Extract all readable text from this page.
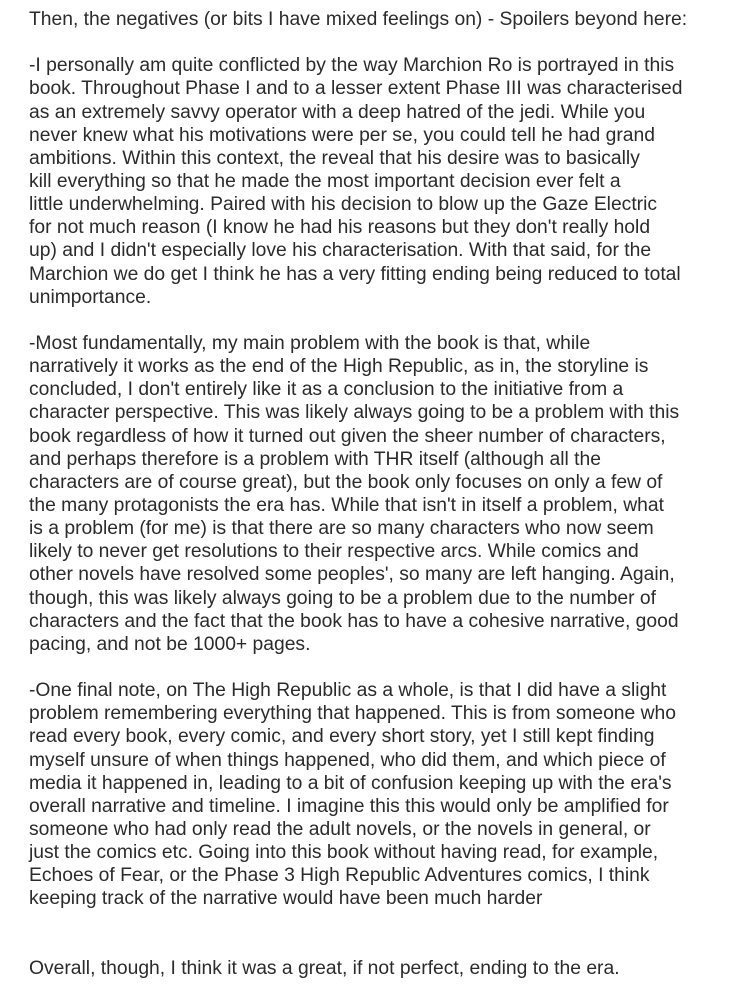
Then, the negatives (or bits I have mixed feelings on) - Spoilers beyond here:
-I personally am quite conflicted by the way Marchion Ro is portrayed in this
book. Throughout Phase I and to a lesser extent Phase III was characterised
as an extremely savvy operator with a deep hatred of the jedi. While you
never knew what his motivations were per se, you could tell he had grand
ambitions. Within this context, the reveal that his desire was to basically
kill everything so that he made the most important decision ever felt a
little underwhelming. Paired with his decision to blow up the Gaze Electric
for not much reason (I know he had his reasons but they don't really hold
up) and I didn't especially love his characterisation. With that said, for the
Marchion we do get I think he has a very fitting ending being reduced to total
unimportance.
-Most fundamentally, my main problem with the book is that, while
narratively it works as the end of the High Republic, as in, the storyline is
concluded, I don't entirely like it as a conclusion to the initiative from a
character perspective. This was likely always going to be a problem with this
book regardless of how it turned out given the sheer number of characters,
and perhaps therefore is a problem with THR itself (although all the
characters are of course great), but the book only focuses on only a few of
the many protagonists the era has. While that isn't in itself a problem, what
is a problem (for me) is that there are so many characters who now seem
likely to never get resolutions to their respective arcs. While comics and
other novels have resolved some peoples', so many are left hanging. Again,
though, this was likely always going to be a problem due to the number of
characters and the fact that the book has to have a cohesive narrative, good
pacing, and not be 1000+ pages.
-One final note, on The High Republic as a whole, is that I did have a slight
problem remembering everything that happened. This is from someone who
read every book, every comic, and every short story, yet I still kept finding
myself unsure of when things happened, who did them, and which piece of
media it happened in, leading to a bit of confusion keeping up with the era's
overall narrative and timeline. I imagine this this would only be amplified for
someone who had only read the adult novels, or the novels in general, or
just the comics etc. Going into this book without having read, for example,
Echoes of Fear, or the Phase 3 High Republic Adventures comics, I think
keeping track of the narrative would have been much harder
Overall, though, I think it was a great, if not perfect, ending to the era.
